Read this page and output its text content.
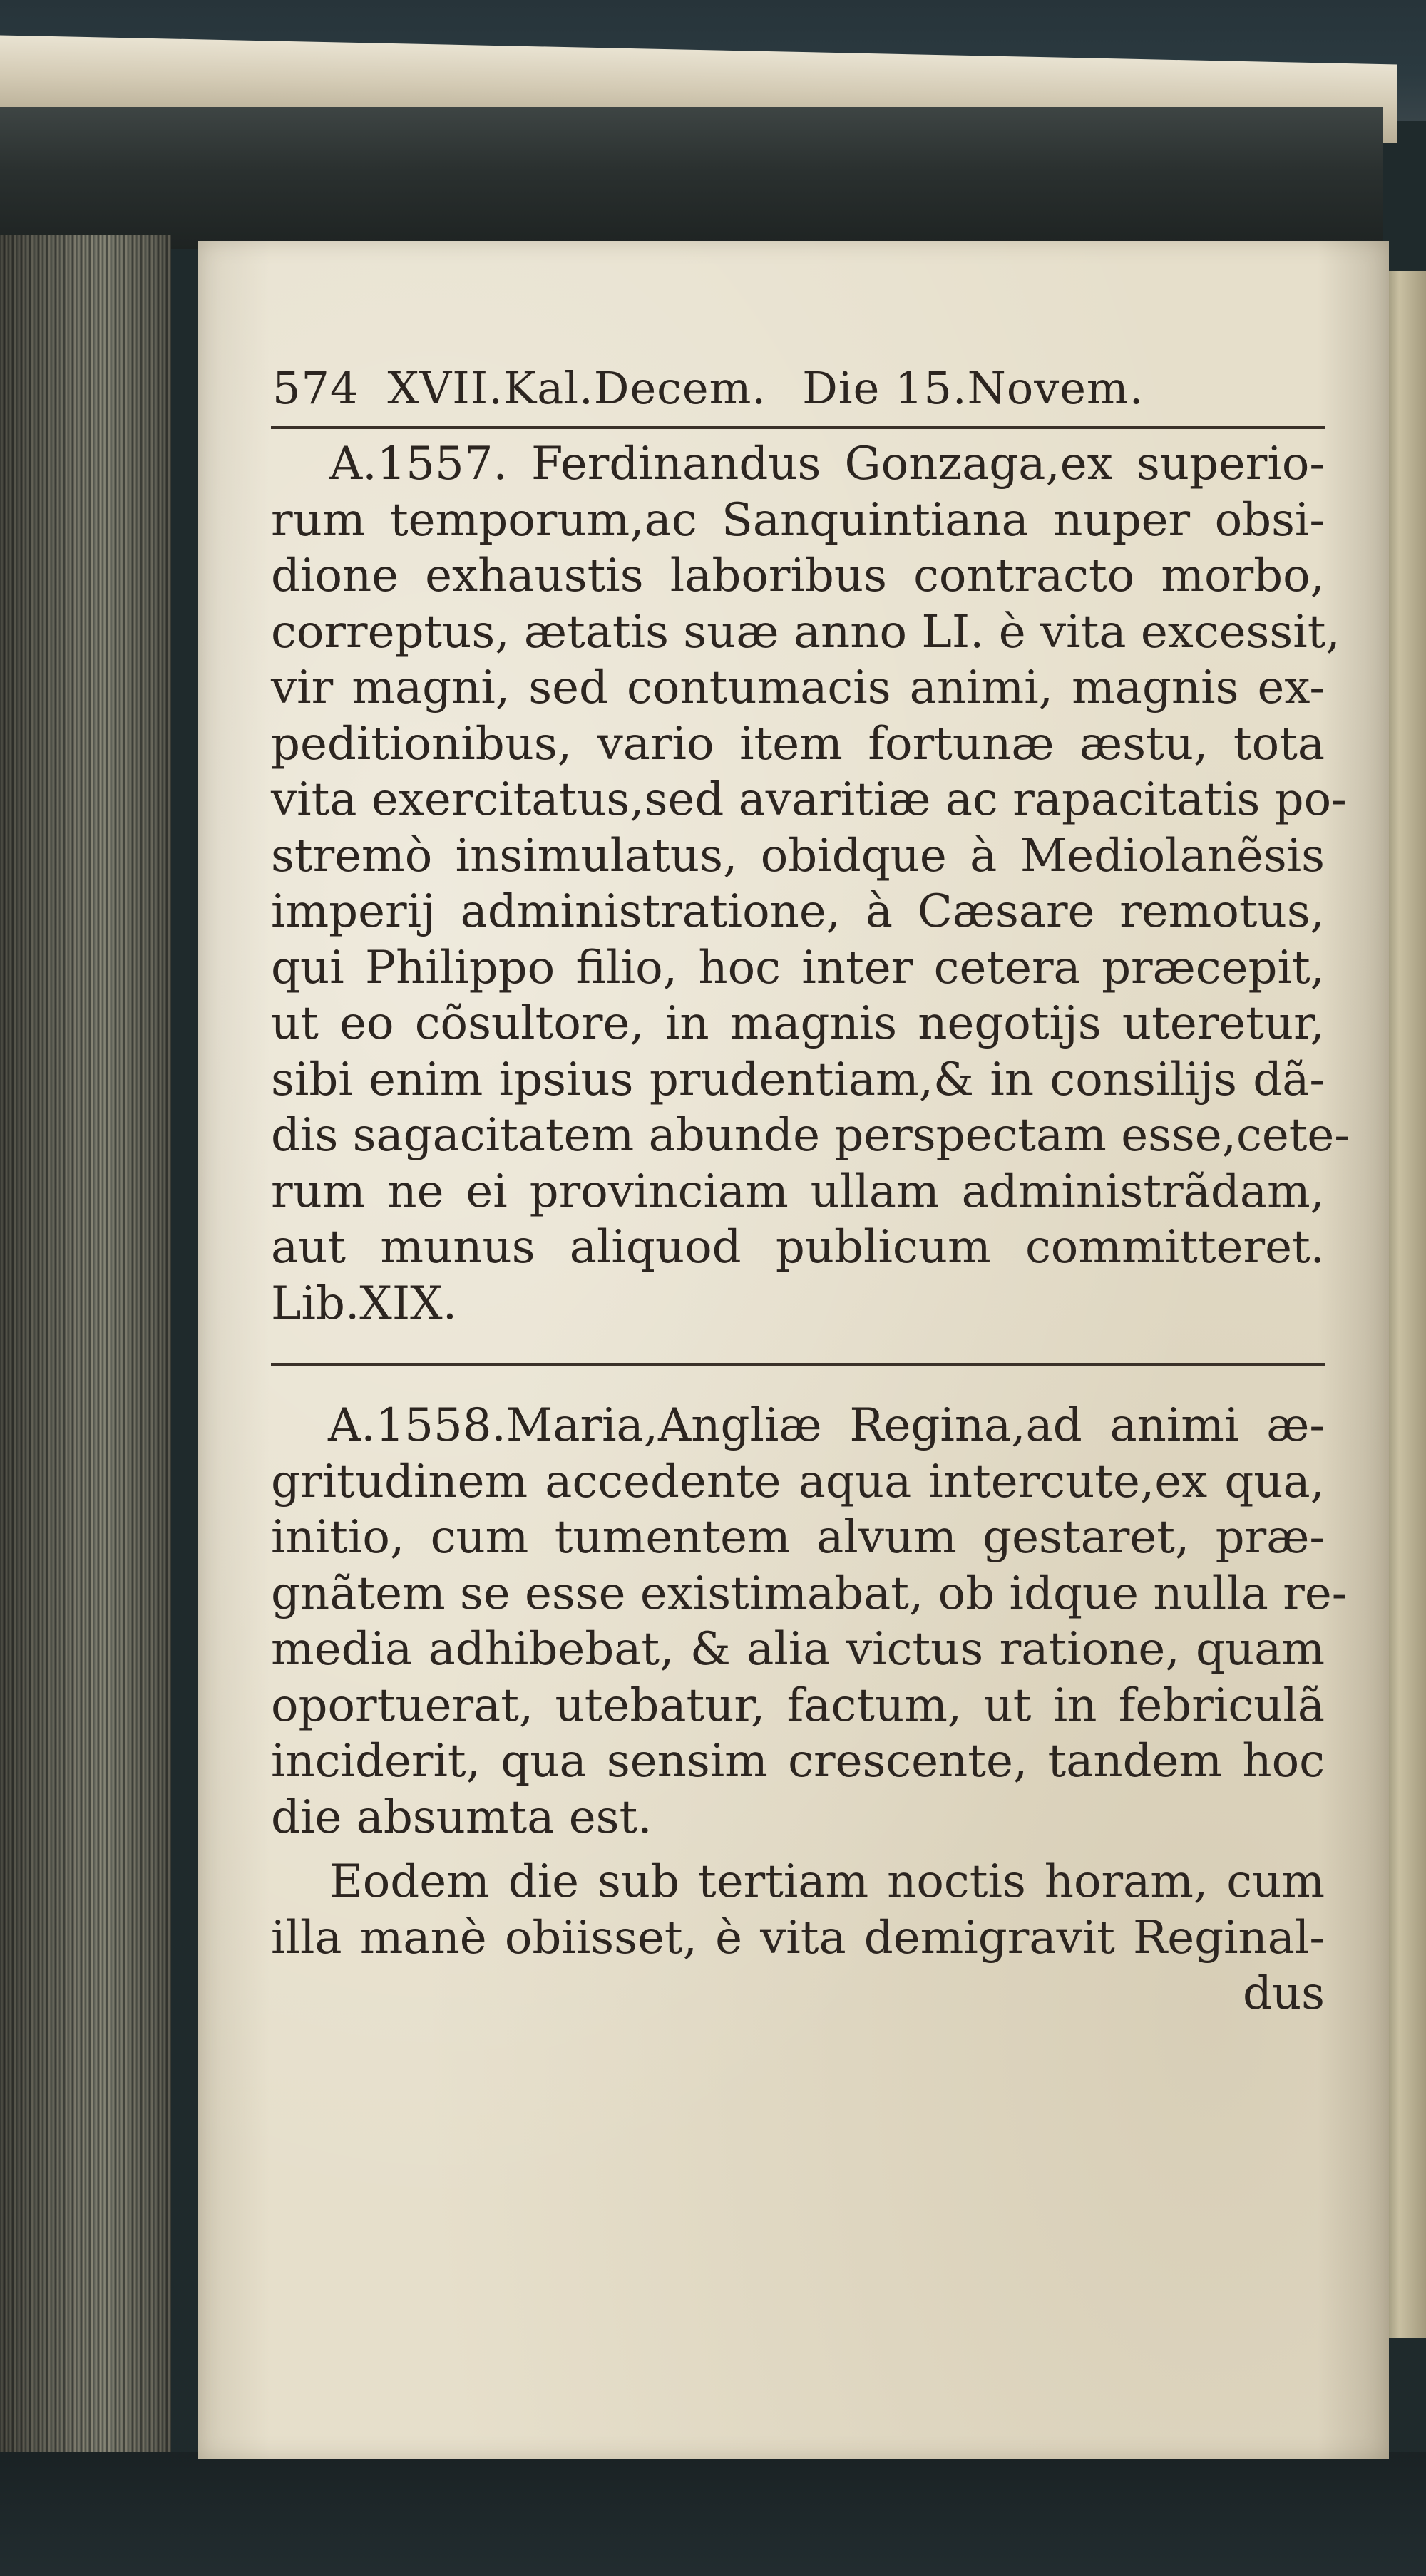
574 XVII.Kal.Decem. Die 15.Novem.
A.1557. Ferdinandus Gonzaga,ex superio-
rum temporum,ac Sanquintiana nuper obsi-
dione exhaustis laboribus contracto morbo,
correptus, ætatis suæ anno LI. è vita excessit,
vir magni, sed contumacis animi, magnis ex-
peditionibus, vario item fortunæ æstu, tota
vita exercitatus,sed avaritiæ ac rapacitatis po-
stremò insimulatus, obidque à Mediolanẽsis
imperij administratione, à Cæsare remotus,
qui Philippo filio, hoc inter cetera præcepit,
ut eo cõsultore, in magnis negotijs uteretur,
sibi enim ipsius prudentiam,& in consilijs dã-
dis sagacitatem abunde perspectam esse,cete-
rum ne ei provinciam ullam administrãdam,
aut munus aliquod publicum committeret.
Lib.XIX.
A.1558.Maria,Angliæ Regina,ad animi æ-
gritudinem accedente aqua intercute,ex qua,
initio, cum tumentem alvum gestaret, præ-
gnãtem se esse existimabat, ob idque nulla re-
media adhibebat, & alia victus ratione, quam
oportuerat, utebatur, factum, ut in febriculã
inciderit, qua sensim crescente, tandem hoc
die absumta est.
Eodem die sub tertiam noctis horam, cum
illa manè obiisset, è vita demigravit Reginal-
dus
